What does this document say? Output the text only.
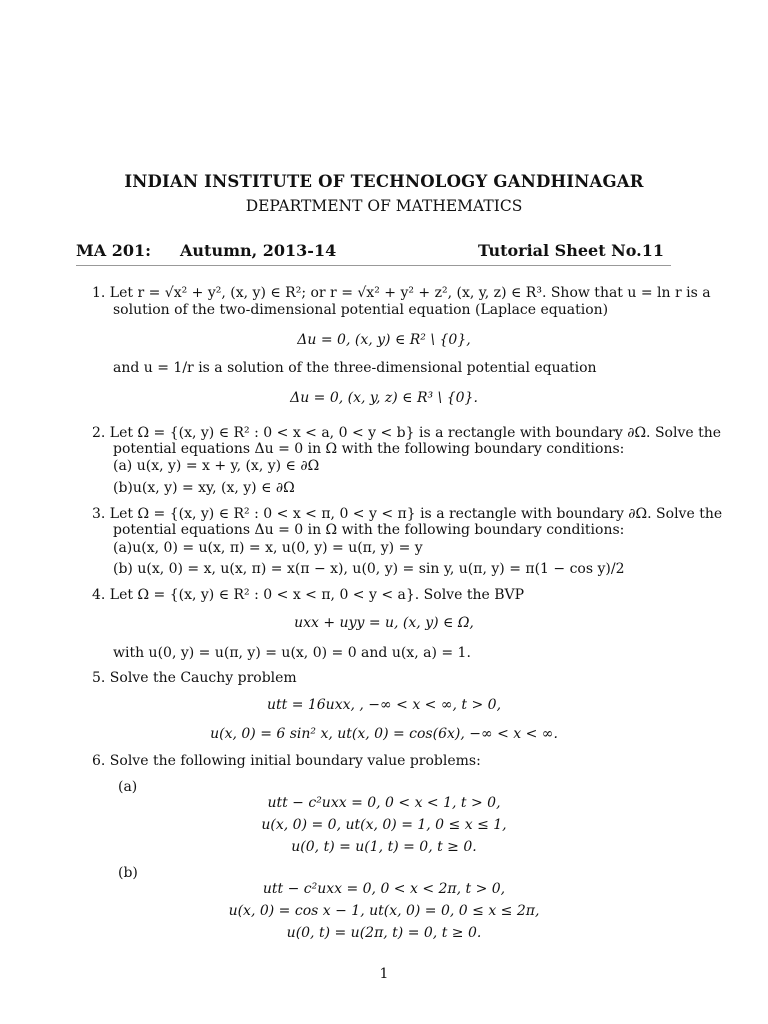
INDIAN INSTITUTE OF TECHNOLOGY GANDHINAGAR
DEPARTMENT OF MATHEMATICS
MA 201: Autumn, 2013-14	Tutorial Sheet No.11
1. Let r = √x² + y², (x, y) ∈ R²; or r = √x² + y² + z², (x, y, z) ∈ R³. Show that u = ln r is a
solution of the two-dimensional potential equation (Laplace equation)
Δu = 0, (x, y) ∈ R² \ {0},
and u = 1/r is a solution of the three-dimensional potential equation
Δu = 0, (x, y, z) ∈ R³ \ {0}.
2. Let Ω = {(x, y) ∈ R² : 0 < x < a, 0 < y < b} is a rectangle with boundary ∂Ω. Solve the
potential equations Δu = 0 in Ω with the following boundary conditions:
(a) u(x, y) = x + y, (x, y) ∈ ∂Ω
(b)u(x, y) = xy, (x, y) ∈ ∂Ω
3. Let Ω = {(x, y) ∈ R² : 0 < x < π, 0 < y < π} is a rectangle with boundary ∂Ω. Solve the
potential equations Δu = 0 in Ω with the following boundary conditions:
(a)u(x, 0) = u(x, π) = x, u(0, y) = u(π, y) = y
(b) u(x, 0) = x, u(x, π) = x(π − x), u(0, y) = sin y, u(π, y) = π(1 − cos y)/2
4. Let Ω = {(x, y) ∈ R² : 0 < x < π, 0 < y < a}. Solve the BVP
uxx + uyy = u, (x, y) ∈ Ω,
with u(0, y) = u(π, y) = u(x, 0) = 0 and u(x, a) = 1.
5. Solve the Cauchy problem
utt = 16uxx, , −∞ < x < ∞, t > 0,
u(x, 0) = 6 sin² x, ut(x, 0) = cos(6x), −∞ < x < ∞.
6. Solve the following initial boundary value problems:
(a)
utt − c²uxx = 0, 0 < x < 1, t > 0,
u(x, 0) = 0, ut(x, 0) = 1, 0 ≤ x ≤ 1,
u(0, t) = u(1, t) = 0, t ≥ 0.
(b)
utt − c²uxx = 0, 0 < x < 2π, t > 0,
u(x, 0) = cos x − 1, ut(x, 0) = 0, 0 ≤ x ≤ 2π,
u(0, t) = u(2π, t) = 0, t ≥ 0.
1
